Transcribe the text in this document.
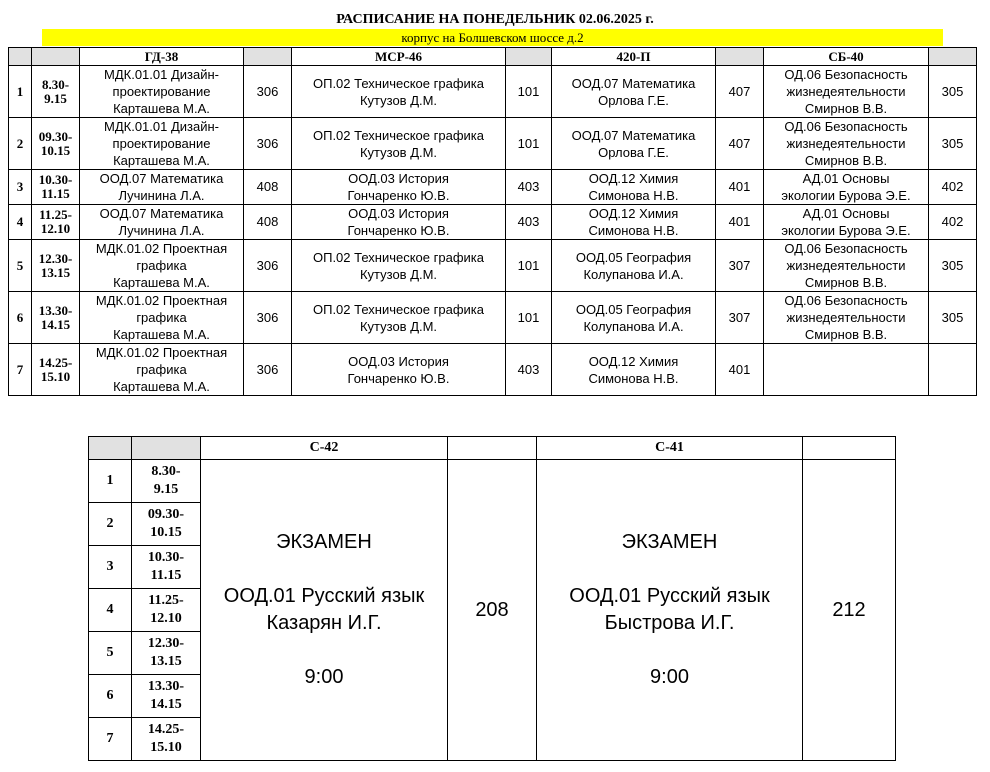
РАСПИСАНИЕ НА ПОНЕДЕЛЬНИК 02.06.2025 г.
корпус на Болшевском шоссе д.2
		ГД-38		МСР-46		420-П		СБ-40	
1	8.30-
9.15	МДК.01.01 Дизайн-
проектирование
Карташева М.А.	306	ОП.02 Техническое графика
Кутузов Д.М.	101	ООД.07 Математика
Орлова Г.Е.	407	ОД.06 Безопасность
жизнедеятельности
Смирнов В.В.	305
2	09.30-
10.15	МДК.01.01 Дизайн-
проектирование
Карташева М.А.	306	ОП.02 Техническое графика
Кутузов Д.М.	101	ООД.07 Математика
Орлова Г.Е.	407	ОД.06 Безопасность
жизнедеятельности
Смирнов В.В.	305
3	10.30-
11.15	ООД.07 Математика
Лучинина Л.А.	408	ООД.03 История
Гончаренко Ю.В.	403	ООД.12 Химия
Симонова Н.В.	401	АД.01 Основы
экологии Бурова Э.Е.	402
4	11.25-
12.10	ООД.07 Математика
Лучинина Л.А.	408	ООД.03 История
Гончаренко Ю.В.	403	ООД.12 Химия
Симонова Н.В.	401	АД.01 Основы
экологии Бурова Э.Е.	402
5	12.30-
13.15	МДК.01.02 Проектная
графика
Карташева М.А.	306	ОП.02 Техническое графика
Кутузов Д.М.	101	ООД.05 География
Колупанова И.А.	307	ОД.06 Безопасность
жизнедеятельности
Смирнов В.В.	305
6	13.30-
14.15	МДК.01.02 Проектная
графика
Карташева М.А.	306	ОП.02 Техническое графика
Кутузов Д.М.	101	ООД.05 География
Колупанова И.А.	307	ОД.06 Безопасность
жизнедеятельности
Смирнов В.В.	305
7	14.25-
15.10	МДК.01.02 Проектная
графика
Карташева М.А.	306	ООД.03 История
Гончаренко Ю.В.	403	ООД.12 Химия
Симонова Н.В.	401		
		С-42		С-41	
1	8.30-
9.15	ЭКЗАМЕН
ООД.01 Русский язык
Казарян И.Г.
9:00	208	ЭКЗАМЕН
ООД.01 Русский язык
Быстрова И.Г.
9:00	212
2	09.30-
10.15				

3	10.30-
11.15				

4	11.25-
12.10				

5	12.30-
13.15				

6	13.30-
14.15				

7	14.25-
15.10				
